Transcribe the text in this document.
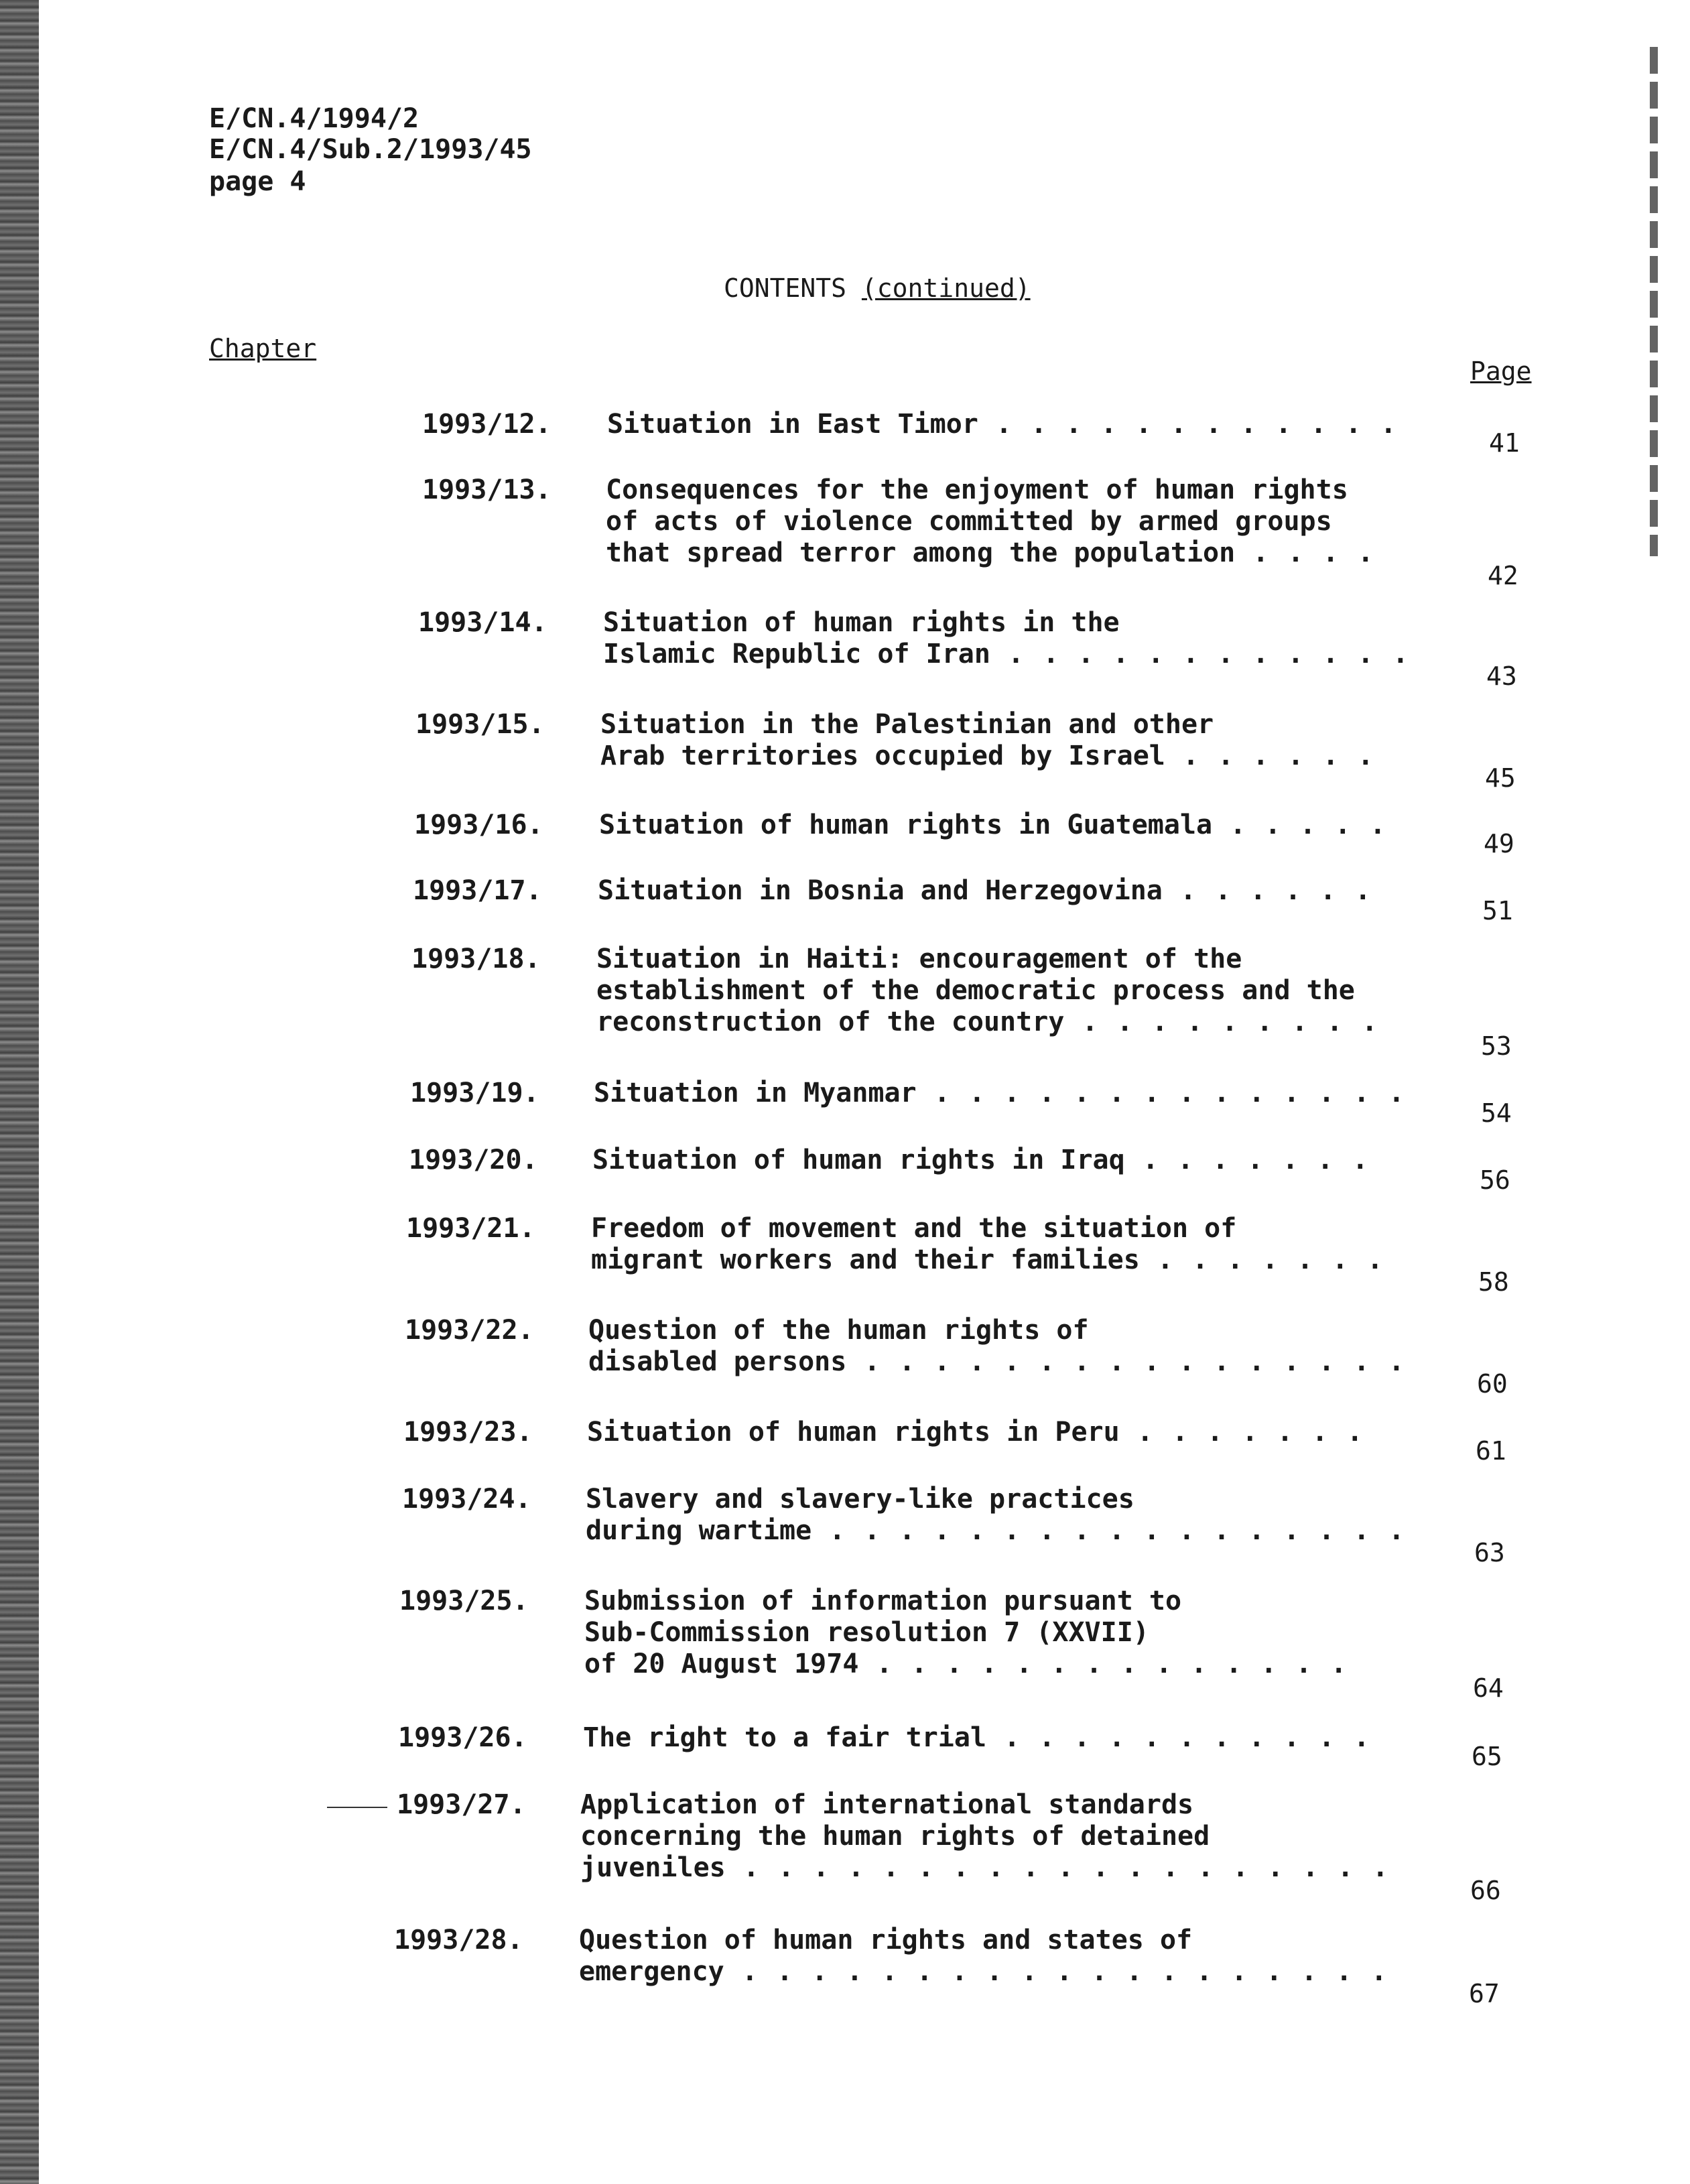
E/CN.4/1994/2
E/CN.4/Sub.2/1993/45
page 4
CONTENTS (continued)
Chapter
Page
1993/12. Situation in East Timor . . . . . . . . . . . .
41
1993/13. Consequences for the enjoyment of human rights
of acts of violence committed by armed groups
that spread terror among the population . . . .
42
1993/14. Situation of human rights in the
Islamic Republic of Iran . . . . . . . . . . . .
43
1993/15. Situation in the Palestinian and other
Arab territories occupied by Israel . . . . . .
45
1993/16. Situation of human rights in Guatemala . . . . .
49
1993/17. Situation in Bosnia and Herzegovina . . . . . .
51
1993/18. Situation in Haiti: encouragement of the
establishment of the democratic process and the
reconstruction of the country . . . . . . . . .
53
1993/19. Situation in Myanmar . . . . . . . . . . . . . .
54
1993/20. Situation of human rights in Iraq . . . . . . .
56
1993/21. Freedom of movement and the situation of
migrant workers and their families . . . . . . .
58
1993/22. Question of the human rights of
disabled persons . . . . . . . . . . . . . . . .
60
1993/23. Situation of human rights in Peru . . . . . . .
61
1993/24. Slavery and slavery-like practices
during wartime . . . . . . . . . . . . . . . . .
63
1993/25. Submission of information pursuant to
Sub-Commission resolution 7 (XXVII)
of 20 August 1974 . . . . . . . . . . . . . .
64
1993/26. The right to a fair trial . . . . . . . . . . .
65
1993/27. Application of international standards
concerning the human rights of detained
juveniles . . . . . . . . . . . . . . . . . . .
66
1993/28. Question of human rights and states of
emergency . . . . . . . . . . . . . . . . . . .
67
